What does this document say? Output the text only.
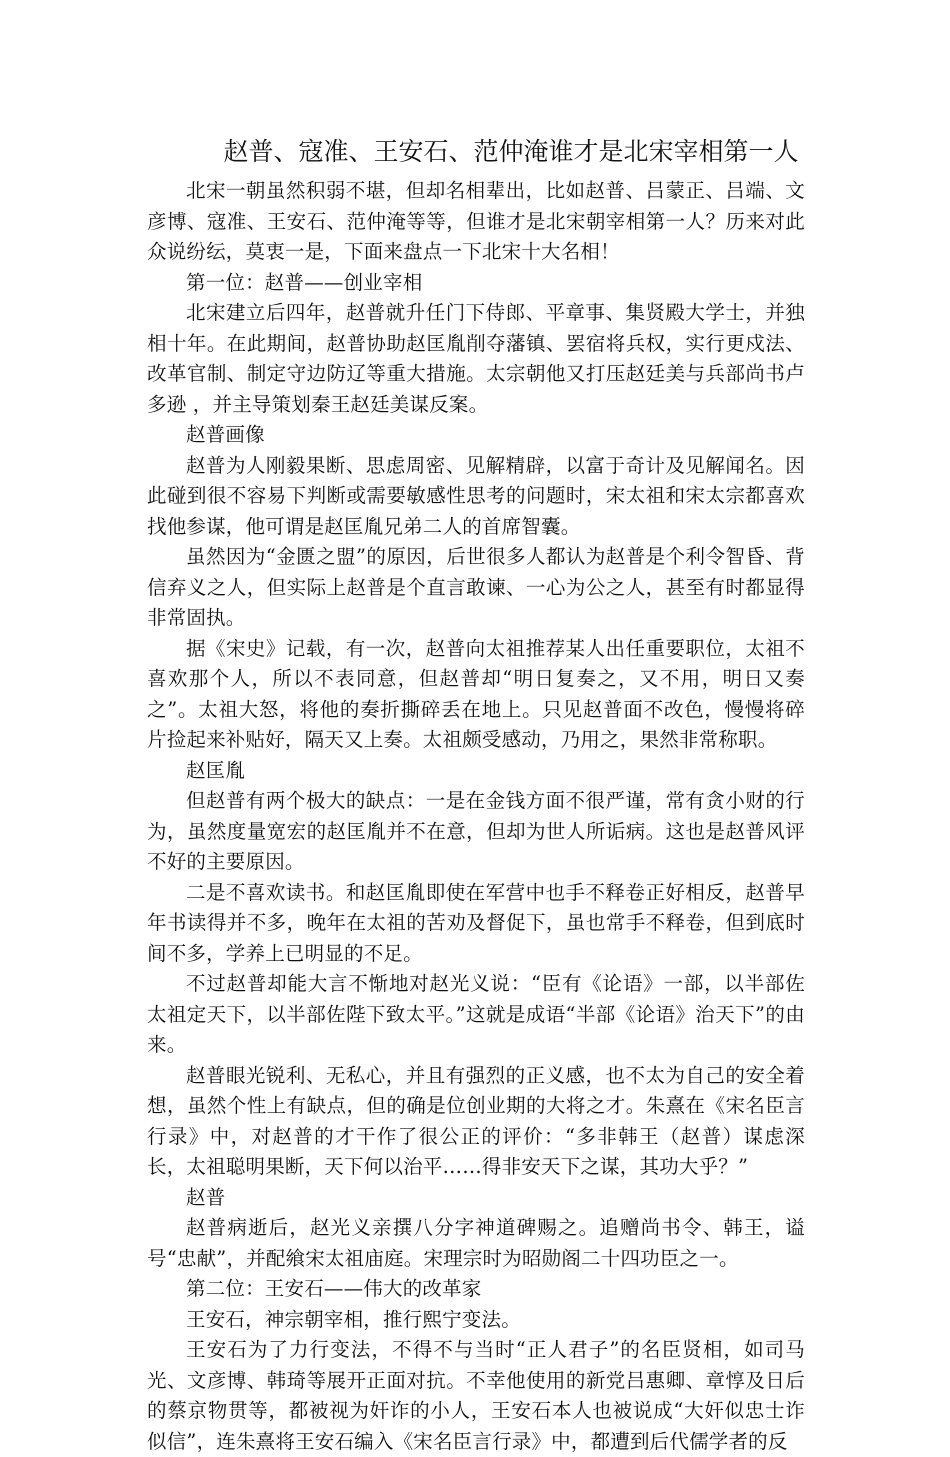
赵普、寇准、王安石、范仲淹谁才是北宋宰相第一人

北宋一朝虽然积弱不堪，但却名相辈出，比如赵普、吕蒙正、吕端、文彦博、寇准、王安石、范仲淹等等，但谁才是北宋朝宰相第一人？历来对此众说纷纭，莫衷一是，下面来盘点一下北宋十大名相！

第一位：赵普——创业宰相

北宋建立后四年，赵普就升任门下侍郎、平章事、集贤殿大学士，并独相十年。在此期间，赵普协助赵匡胤削夺藩镇、罢宿将兵权，实行更戍法、改革官制、制定守边防辽等重大措施。太宗朝他又打压赵廷美与兵部尚书卢多逊 ，并主导策划秦王赵廷美谋反案。

赵普画像

赵普为人刚毅果断、思虑周密、见解精辟，以富于奇计及见解闻名。因此碰到很不容易下判断或需要敏感性思考的问题时，宋太祖和宋太宗都喜欢找他参谋，他可谓是赵匡胤兄弟二人的首席智囊。

虽然因为“金匮之盟”的原因，后世很多人都认为赵普是个利令智昏、背信弃义之人，但实际上赵普是个直言敢谏、一心为公之人，甚至有时都显得非常固执。

据《宋史》记载，有一次，赵普向太祖推荐某人出任重要职位，太祖不喜欢那个人，所以不表同意，但赵普却“明日复奏之，又不用，明日又奏之”。太祖大怒，将他的奏折撕碎丢在地上。只见赵普面不改色，慢慢将碎片捡起来补贴好，隔天又上奏。太祖颇受感动，乃用之，果然非常称职。

赵匡胤

但赵普有两个极大的缺点：一是在金钱方面不很严谨，常有贪小财的行为，虽然度量宽宏的赵匡胤并不在意，但却为世人所诟病。这也是赵普风评不好的主要原因。

二是不喜欢读书。和赵匡胤即使在军营中也手不释卷正好相反，赵普早年书读得并不多，晚年在太祖的苦劝及督促下，虽也常手不释卷，但到底时间不多，学养上已明显的不足。

不过赵普却能大言不惭地对赵光义说：“臣有《论语》一部，以半部佐太祖定天下，以半部佐陛下致太平。”这就是成语“半部《论语》治天下”的由来。

赵普眼光锐利、无私心，并且有强烈的正义感，也不太为自己的安全着想，虽然个性上有缺点，但的确是位创业期的大将之才。朱熹在《宋名臣言行录》中，对赵普的才干作了很公正的评价：“多非韩王（赵普）谋虑深长，太祖聪明果断，天下何以治平……得非安天下之谋，其功大乎？”

赵普

赵普病逝后，赵光义亲撰八分字神道碑赐之。追赠尚书令、韩王，谥号“忠献”，并配飨宋太祖庙庭。宋理宗时为昭勋阁二十四功臣之一。

第二位：王安石——伟大的改革家

王安石，神宗朝宰相，推行熙宁变法。

王安石为了力行变法，不得不与当时“正人君子”的名臣贤相，如司马光、文彦博、韩琦等展开正面对抗。不幸他使用的新党吕惠卿、章惇及日后的蔡京物贯等，都被视为奸诈的小人，王安石本人也被说成“大奸似忠士诈似信”，连朱熹将王安石编入《宋名臣言行录》中，都遭到后代儒学者的反
